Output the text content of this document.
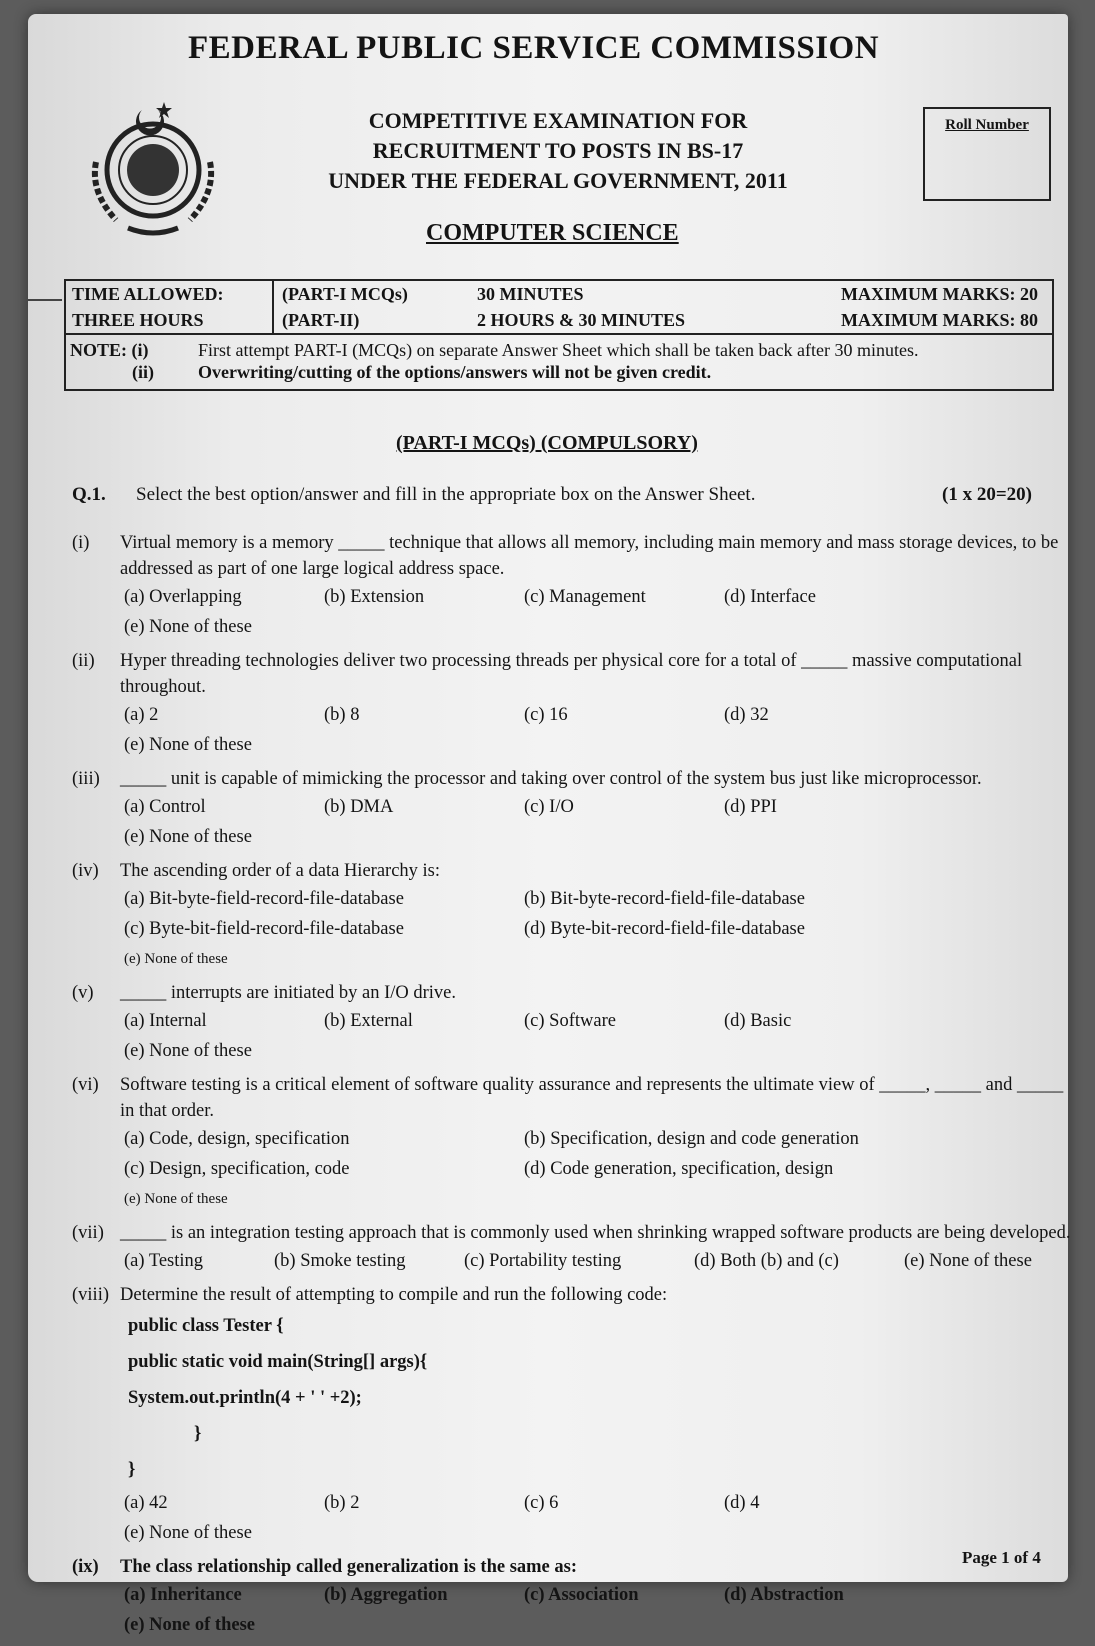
FEDERAL PUBLIC SERVICE COMMISSION
COMPETITIVE EXAMINATION FOR
RECRUITMENT TO POSTS IN BS-17
UNDER THE FEDERAL GOVERNMENT, 2011
Roll Number
COMPUTER SCIENCE
TIME ALLOWED:	(PART-I MCQs)	30 MINUTES	MAXIMUM MARKS: 20
THREE HOURS	(PART-II)	2 HOURS & 30 MINUTES	MAXIMUM MARKS: 80
NOTE: (i)	First attempt PART-I (MCQs) on separate Answer Sheet which shall be taken back after 30 minutes.
(ii)	Overwriting/cutting of the options/answers will not be given credit.
(PART-I MCQs) (COMPULSORY)
Q.1.	Select the best option/answer and fill in the appropriate box on the Answer Sheet.	(1 x 20=20)
(i)	Virtual memory is a memory _____ technique that allows all memory, including main memory and mass storage devices, to be addressed as part of one large logical address space.
(a) Overlapping	(b) Extension	(c) Management	(d) Interface
(e) None of these
(ii)	Hyper threading technologies deliver two processing threads per physical core for a total of _____ massive computational throughout.
(a) 2	(b) 8	(c) 16	(d) 32
(e) None of these
(iii)	_____ unit is capable of mimicking the processor and taking over control of the system bus just like microprocessor.
(a) Control	(b) DMA	(c) I/O	(d) PPI
(e) None of these
(iv)	The ascending order of a data Hierarchy is:
(a) Bit-byte-field-record-file-database	(b) Bit-byte-record-field-file-database
(c) Byte-bit-field-record-file-database	(d) Byte-bit-record-field-file-database
(e) None of these
(v)	_____ interrupts are initiated by an I/O drive.
(a) Internal	(b) External	(c) Software	(d) Basic
(e) None of these
(vi)	Software testing is a critical element of software quality assurance and represents the ultimate view of _____, _____ and _____ in that order.
(a) Code, design, specification	(b) Specification, design and code generation
(c) Design, specification, code	(d) Code generation, specification, design
(e) None of these
(vii) _____ is an integration testing approach that is commonly used when shrinking wrapped software products are being developed.
(a) Testing	(b) Smoke testing	(c) Portability testing	(d) Both (b) and (c)	(e) None of these
(viii) Determine the result of attempting to compile and run the following code:
public class Tester {
public static void main(String[] args){
System.out.println(4 + ' ' +2);
}
}
(a) 42	(b) 2	(c) 6	(d) 4
(e) None of these
(ix)	The class relationship called generalization is the same as:
(a) Inheritance	(b) Aggregation	(c) Association	(d) Abstraction
(e) None of these
Page 1 of 4
